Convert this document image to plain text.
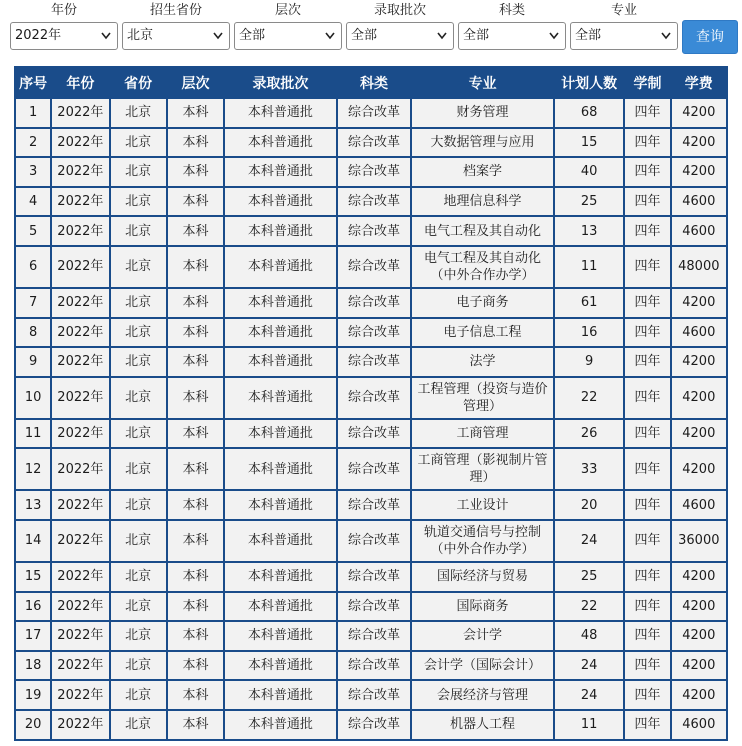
年份
2022年
招生省份
北京
层次
全部
录取批次
全部
科类
全部
专业
全部	查询
序号	年份	省份	层次	录取批次	科类	专业	计划人数	学制	学费
1	2022年	北京	本科	本科普通批	综合改革	财务管理	68	四年	4200
2	2022年	北京	本科	本科普通批	综合改革	大数据管理与应用	15	四年	4200
3	2022年	北京	本科	本科普通批	综合改革	档案学	40	四年	4200
4	2022年	北京	本科	本科普通批	综合改革	地理信息科学	25	四年	4600
5	2022年	北京	本科	本科普通批	综合改革	电气工程及其自动化	13	四年	4600
6	2022年	北京	本科	本科普通批	综合改革	电气工程及其自动化（中外合作办学）	11	四年	48000
7	2022年	北京	本科	本科普通批	综合改革	电子商务	61	四年	4200
8	2022年	北京	本科	本科普通批	综合改革	电子信息工程	16	四年	4600
9	2022年	北京	本科	本科普通批	综合改革	法学	9	四年	4200
10	2022年	北京	本科	本科普通批	综合改革	工程管理（投资与造价管理）	22	四年	4200
11	2022年	北京	本科	本科普通批	综合改革	工商管理	26	四年	4200
12	2022年	北京	本科	本科普通批	综合改革	工商管理（影视制片管理）	33	四年	4200
13	2022年	北京	本科	本科普通批	综合改革	工业设计	20	四年	4600
14	2022年	北京	本科	本科普通批	综合改革	轨道交通信号与控制（中外合作办学）	24	四年	36000
15	2022年	北京	本科	本科普通批	综合改革	国际经济与贸易	25	四年	4200
16	2022年	北京	本科	本科普通批	综合改革	国际商务	22	四年	4200
17	2022年	北京	本科	本科普通批	综合改革	会计学	48	四年	4200
18	2022年	北京	本科	本科普通批	综合改革	会计学（国际会计）	24	四年	4200
19	2022年	北京	本科	本科普通批	综合改革	会展经济与管理	24	四年	4200
20	2022年	北京	本科	本科普通批	综合改革	机器人工程	11	四年	4600
